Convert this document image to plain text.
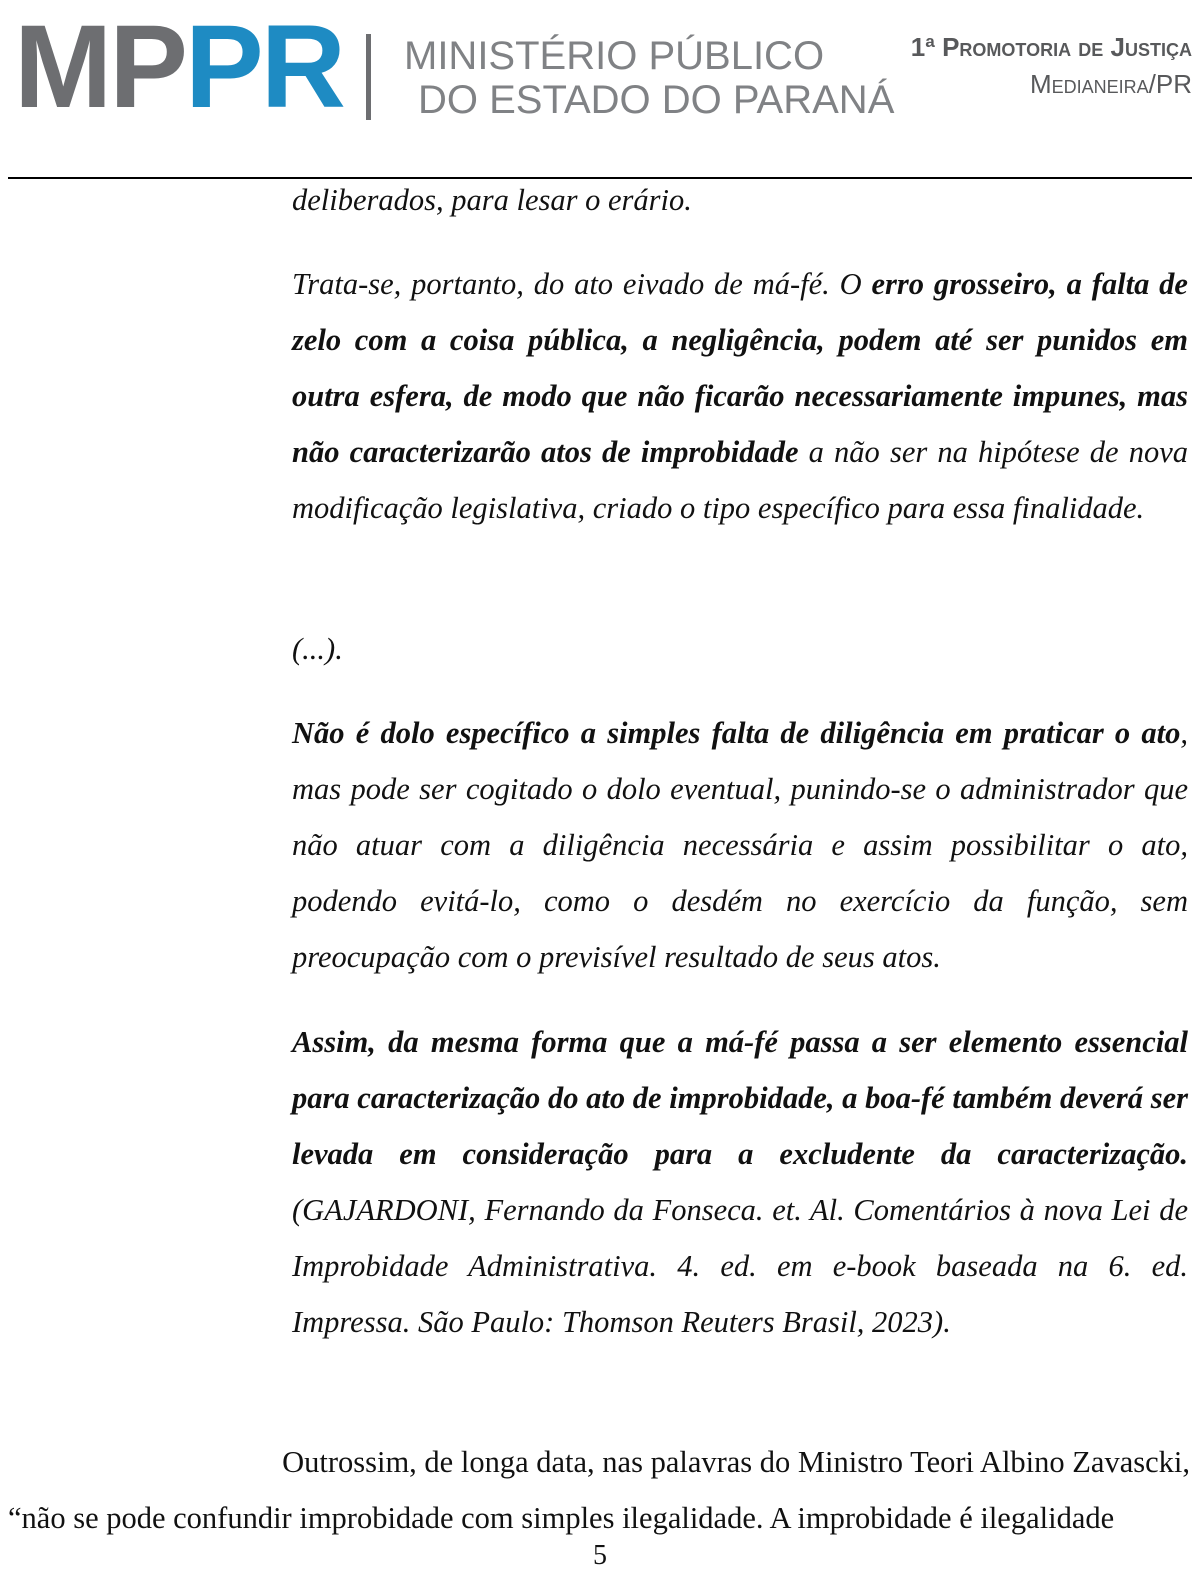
MPPR MINISTÉRIO PÚBLICO
DO ESTADO DO PARANÁ
1ª Promotoria de Justiça
Medianeira/PR
deliberados, para lesar o erário.
Trata-se, portanto, do ato eivado de má-fé. O erro grosseiro, a falta de zelo com a coisa pública, a negligência, podem até ser punidos em outra esfera, de modo que não ficarão necessariamente impunes, mas não caracterizarão atos de improbidade a não ser na hipótese de nova modificação legislativa, criado o tipo específico para essa finalidade.
(...).
Não é dolo específico a simples falta de diligência em praticar o ato, mas pode ser cogitado o dolo eventual, punindo-se o administrador que não atuar com a diligência necessária e assim possibilitar o ato, podendo evitá-lo, como o desdém no exercício da função, sem preocupação com o previsível resultado de seus atos.
Assim, da mesma forma que a má-fé passa a ser elemento essencial para caracterização do ato de improbidade, a boa-fé também deverá ser levada em consideração para a excludente da caracterização. (GAJARDONI, Fernando da Fonseca. et. Al. Comentários à nova Lei de Improbidade Administrativa. 4. ed. em e-book baseada na 6. ed. Impressa. São Paulo: Thomson Reuters Brasil, 2023).
Outrossim, de longa data, nas palavras do Ministro Teori Albino Zavascki,
“não se pode confundir improbidade com simples ilegalidade. A improbidade é ilegalidade
5
